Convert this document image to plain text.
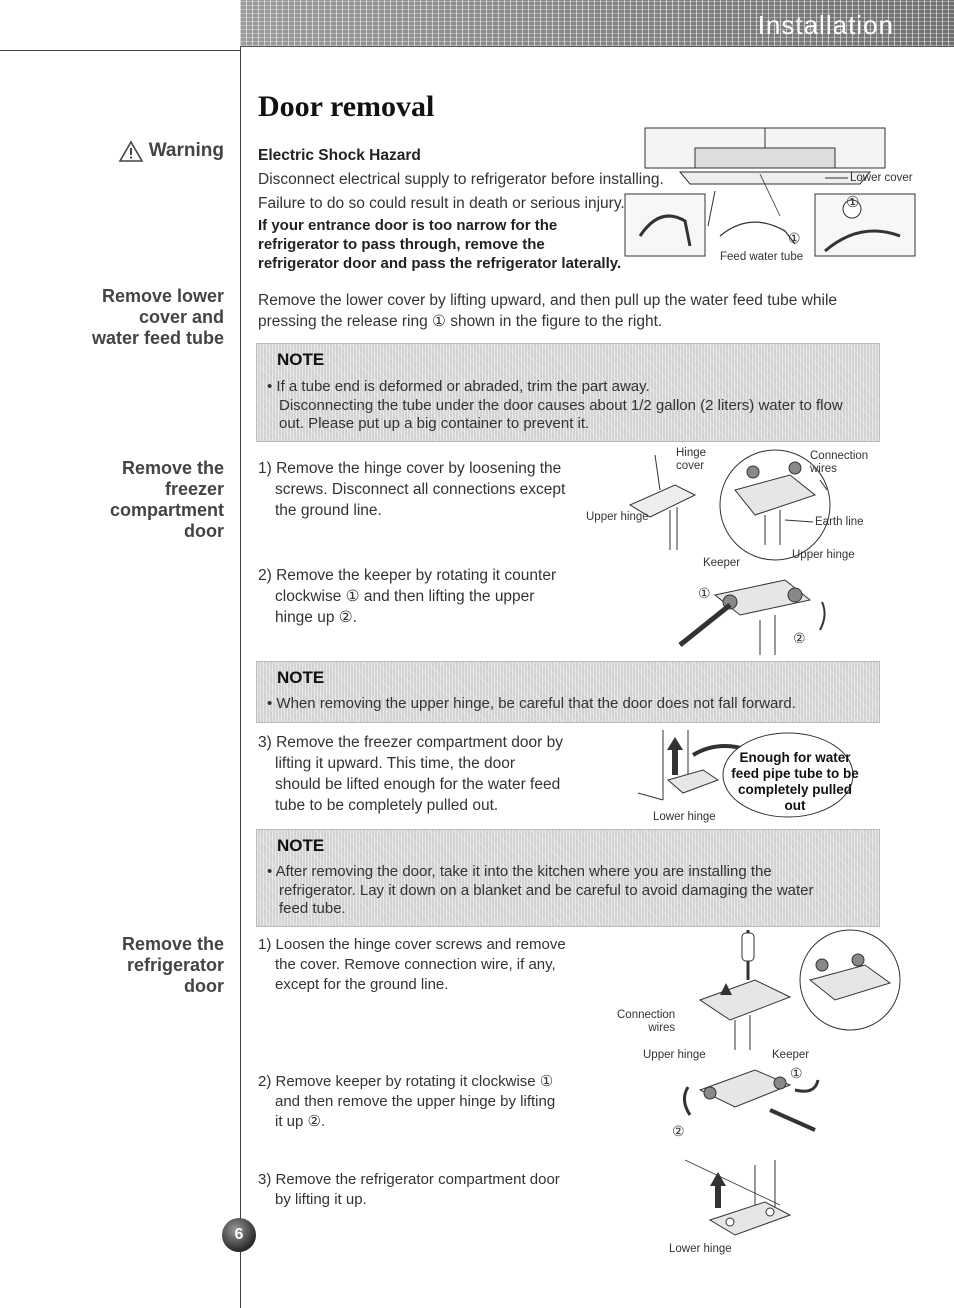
Installation
Door removal
Warning Electric Shock Hazard
Disconnect electrical supply to refrigerator before installing.
Failure to do so could result in death or serious injury.
If your entrance door is too narrow for the
refrigerator to pass through, remove the
refrigerator door and pass the refrigerator laterally.
Lower cover
①
①
Feed water tube
Remove lower
cover and
water feed tube
Remove the lower cover by lifting upward, and then pull up the water feed tube while
pressing the release ring ① shown in the figure to the right.
NOTE
• If a tube end is deformed or abraded, trim the part away.
Disconnecting the tube under the door causes about 1/2 gallon (2 liters) water to flow
out. Please put up a big container to prevent it.
Remove the
freezer
compartment
door
1) Remove the hinge cover by loosening the
screws. Disconnect all connections except
the ground line.
Hinge
cover
Connection
wires
Upper hinge	Earth line
2) Remove the keeper by rotating it counter
clockwise ① and then lifting the upper
hinge up ②.
Keeper
Upper hinge
①
②
NOTE
• When removing the upper hinge, be careful that the door does not fall forward.
3) Remove the freezer compartment door by
lifting it upward. This time, the door
should be lifted enough for the water feed
tube to be completely pulled out.
Enough for water
feed pipe tube to be
completely pulled out
Lower hinge
NOTE
• After removing the door, take it into the kitchen where you are installing the
refrigerator. Lay it down on a blanket and be careful to avoid damaging the water
feed tube.
Remove the
refrigerator
door
1) Loosen the hinge cover screws and remove
the cover. Remove connection wire, if any,
except for the ground line.
Connection
wires
Upper hinge	Keeper
①
②
2) Remove keeper by rotating it clockwise ①
and then remove the upper hinge by lifting
it up ②.
3) Remove the refrigerator compartment door
by lifting it up.
Lower hinge
6
